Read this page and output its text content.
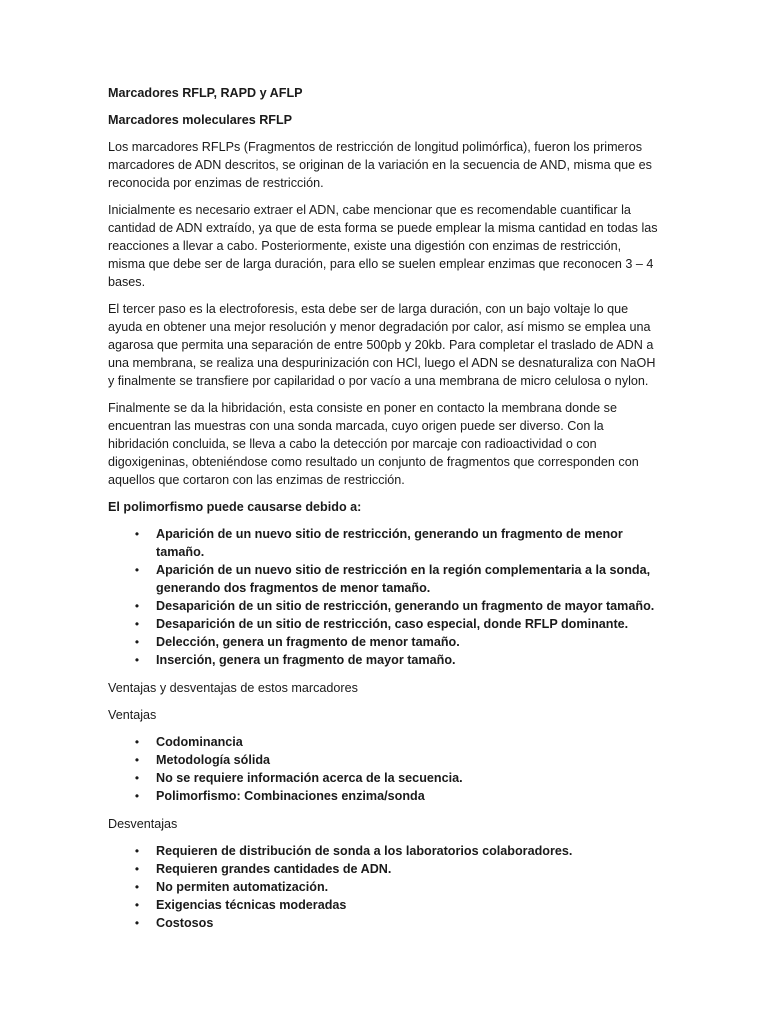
Marcadores RFLP, RAPD y AFLP
Marcadores moleculares RFLP

Los marcadores RFLPs (Fragmentos de restricción de longitud polimórfica), fueron los primeros marcadores de ADN descritos, se originan de la variación en la secuencia de AND, misma que es reconocida por enzimas de restricción.

Inicialmente es necesario extraer el ADN, cabe mencionar que es recomendable cuantificar la cantidad de ADN extraído, ya que de esta forma se puede emplear la misma cantidad en todas las reacciones a llevar a cabo. Posteriormente, existe una digestión con enzimas de restricción, misma que debe ser de larga duración, para ello se suelen emplear enzimas que reconocen 3 – 4 bases.

El tercer paso es la electroforesis, esta debe ser de larga duración, con un bajo voltaje lo que ayuda en obtener una mejor resolución y menor degradación por calor, así mismo se emplea una agarosa que permita una separación de entre 500pb y 20kb. Para completar el traslado de ADN a una membrana, se realiza una despurinización con HCl, luego el ADN se desnaturaliza con NaOH y finalmente se transfiere por capilaridad o por vacío a una membrana de micro celulosa o nylon.

Finalmente se da la hibridación, esta consiste en poner en contacto la membrana donde se encuentran las muestras con una sonda marcada, cuyo origen puede ser diverso. Con la hibridación concluida, se lleva a cabo la detección por marcaje con radioactividad o con digoxigeninas, obteniéndose como resultado un conjunto de fragmentos que corresponden con aquellos que cortaron con las enzimas de restricción.

El polimorfismo puede causarse debido a:

• Aparición de un nuevo sitio de restricción, generando un fragmento de menor tamaño.
• Aparición de un nuevo sitio de restricción en la región complementaria a la sonda, generando dos fragmentos de menor tamaño.
• Desaparición de un sitio de restricción, generando un fragmento de mayor tamaño.
• Desaparición de un sitio de restricción, caso especial, donde RFLP dominante.
• Delección, genera un fragmento de menor tamaño.
• Inserción, genera un fragmento de mayor tamaño.

Ventajas y desventajas de estos marcadores

Ventajas

• Codominancia
• Metodología sólida
• No se requiere información acerca de la secuencia.
• Polimorfismo: Combinaciones enzima/sonda

Desventajas

• Requieren de distribución de sonda a los laboratorios colaboradores.
• Requieren grandes cantidades de ADN.
• No permiten automatización.
• Exigencias técnicas moderadas
• Costosos
